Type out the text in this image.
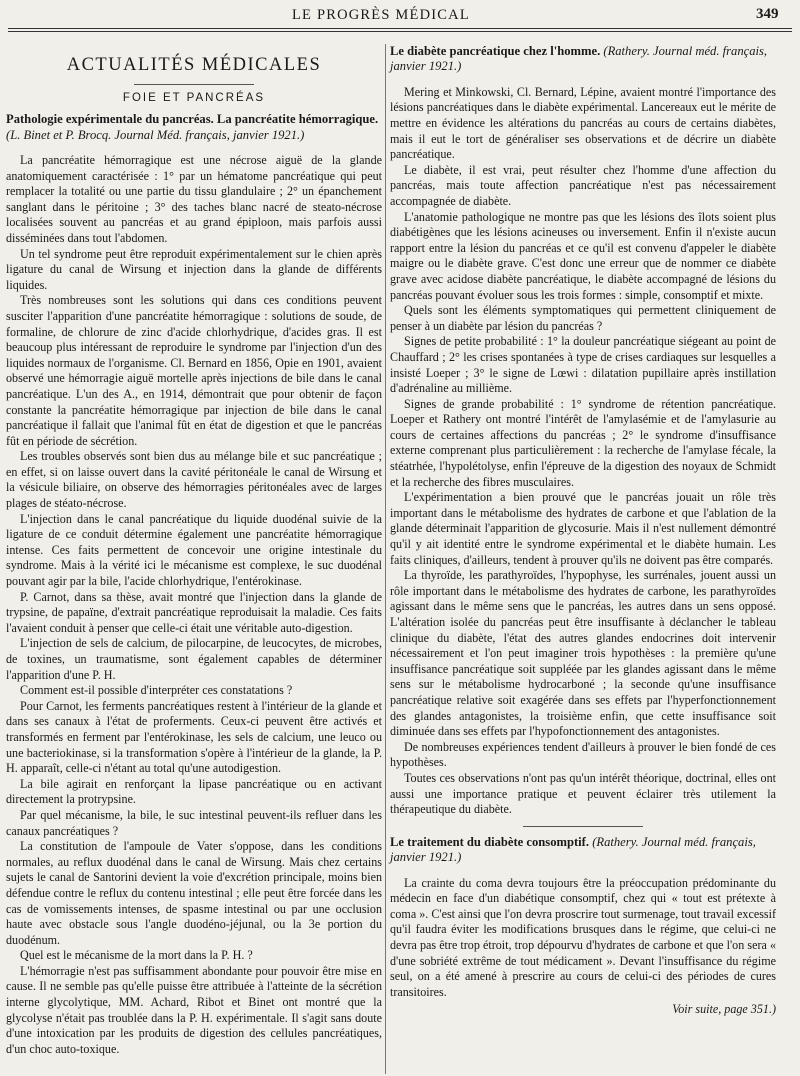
LE PROGRÈS MÉDICAL	349
ACTUALITÉS MÉDICALES
FOIE ET PANCRÉAS
Pathologie expérimentale du pancréas. La pancréatite hémorragique. (L. Binet et P. Brocq. Journal Méd. français, janvier 1921.)

La pancréatite hémorragique est une nécrose aiguë de la glande anatomiquement caractérisée : 1° par un hématome pancréatique qui peut remplacer la totalité ou une partie du tissu glandulaire ; 2° un épanchement sanglant dans le péritoine ; 3° des taches blanc nacré de steato-nécrose localisées souvent au pancréas et au grand épiploon, mais parfois aussi disséminées dans tout l'abdomen.

Un tel syndrome peut être reproduit expérimentalement sur le chien après ligature du canal de Wirsung et injection dans la glande de différents liquides.

Très nombreuses sont les solutions qui dans ces conditions peuvent susciter l'apparition d'une pancréatite hémorragique : solutions de soude, de formaline, de chlorure de zinc d'acide chlorhydrique, d'acides gras. Il est beaucoup plus intéressant de reproduire le syndrome par l'injection d'un des liquides normaux de l'organisme. Cl. Bernard en 1856, Opie en 1901, avaient observé une hémorragie aiguë mortelle après injections de bile dans le canal pancréatique. L'un des A., en 1914, démontrait que pour obtenir de façon constante la pancréatite hémorragique par injection de bile dans le canal pancréatique il fallait que l'animal fût en état de digestion et que le pancréas fût en période de sécrétion.

Les troubles observés sont bien dus au mélange bile et suc pancréatique ; en effet, si on laisse ouvert dans la cavité péritonéale le canal de Wirsung et la vésicule biliaire, on observe des hémorragies péritonéales avec de larges plages de stéato-nécrose.

L'injection dans le canal pancréatique du liquide duodénal suivie de la ligature de ce conduit détermine également une pancréatite hémorragique intense. Ces faits permettent de concevoir une origine intestinale du syndrome. Mais à la vérité ici le mécanisme est complexe, le suc duodénal pouvant agir par la bile, l'acide chlorhydrique, l'entérokinase.

P. Carnot, dans sa thèse, avait montré que l'injection dans la glande de trypsine, de papaïne, d'extrait pancréatique reproduisait la maladie. Ces faits l'avaient conduit à penser que celle-ci était une véritable auto-digestion.

L'injection de sels de calcium, de pilocarpine, de leucocytes, de microbes, de toxines, un traumatisme, sont également capables de déterminer l'apparition d'une P. H.

Comment est-il possible d'interpréter ces constatations ?

Pour Carnot, les ferments pancréatiques restent à l'intérieur de la glande et dans ses canaux à l'état de proferments. Ceux-ci peuvent être activés et transformés en ferment par l'entérokinase, les sels de calcium, une leuco ou une bacteriokinase, si la transformation s'opère à l'intérieur de la glande, la P. H. apparaît, celle-ci n'étant au total qu'une autodigestion.

La bile agirait en renforçant la lipase pancréatique ou en activant directement la protrypsine.

Par quel mécanisme, la bile, le suc intestinal peuvent-ils refluer dans les canaux pancréatiques ?

La constitution de l'ampoule de Vater s'oppose, dans les conditions normales, au reflux duodénal dans le canal de Wirsung. Mais chez certains sujets le canal de Santorini devient la voie d'excrétion principale, moins bien défendue contre le reflux du contenu intestinal ; elle peut être forcée dans les cas de vomissements intenses, de spasme intestinal ou par une occlusion haute avec obstacle sous l'angle duodéno-jéjunal, ou la 3e portion du duodénum.

Quel est le mécanisme de la mort dans la P. H. ?

L'hémorragie n'est pas suffisamment abondante pour pouvoir être mise en cause. Il ne semble pas qu'elle puisse être attribuée à l'atteinte de la sécrétion interne glycolytique, MM. Achard, Ribot et Binet ont montré que la glycolyse n'était pas troublée dans la P. H. expérimentale. Il s'agit sans doute d'une intoxication par les produits de digestion des cellules pancréatiques, d'un choc auto-toxique.

Le diabète pancréatique chez l'homme. (Rathery. Journal méd. français, janvier 1921.)

Mering et Minkowski, Cl. Bernard, Lépine, avaient montré l'importance des lésions pancréatiques dans le diabète expérimental. Lancereaux eut le mérite de mettre en évidence les altérations du pancréas au cours de certains diabètes, mais il eut le tort de généraliser ses observations et de décrire un diabète pancréatique.

Le diabète, il est vrai, peut résulter chez l'homme d'une affection du pancréas, mais toute affection pancréatique n'est pas nécessairement accompagnée de diabète.

L'anatomie pathologique ne montre pas que les lésions des îlots soient plus diabétigènes que les lésions acineuses ou inversement. Enfin il n'existe aucun rapport entre la lésion du pancréas et ce qu'il est convenu d'appeler le diabète maigre ou le diabète grave. C'est donc une erreur que de nommer ce diabète grave avec acidose diabète pancréatique, le diabète accompagné de lésions du pancréas pouvant évoluer sous les trois formes : simple, consomptif et mixte.

Quels sont les éléments symptomatiques qui permettent cliniquement de penser à un diabète par lésion du pancréas ?

Signes de petite probabilité : 1° la douleur pancréatique siégeant au point de Chauffard ; 2° les crises spontanées à type de crises cardiaques sur lesquelles a insisté Loeper ; 3° le signe de Lœwi : dilatation pupillaire après instillation d'adrénaline au millième.

Signes de grande probabilité : 1° syndrome de rétention pancréatique. Loeper et Rathery ont montré l'intérêt de l'amylasémie et de l'amylasurie au cours de certaines affections du pancréas ; 2° le syndrome d'insuffisance externe comprenant plus particulièrement : la recherche de l'amylase fécale, la stéatrhée, l'hypolétolyse, enfin l'épreuve de la digestion des noyaux de Schmidt et la recherche des fibres musculaires.

L'expérimentation a bien prouvé que le pancréas jouait un rôle très important dans le métabolisme des hydrates de carbone et que l'ablation de la glande déterminait l'apparition de glycosurie. Mais il n'est nullement démontré qu'il y ait identité entre le syndrome expérimental et le diabète humain. Les faits cliniques, d'ailleurs, tendent à prouver qu'ils ne doivent pas être comparés.

La thyroïde, les parathyroïdes, l'hypophyse, les surrénales, jouent aussi un rôle important dans le métabolisme des hydrates de carbone, les parathyroïdes agissant dans le même sens que le pancréas, les autres dans un sens opposé. L'altération isolée du pancréas peut être insuffisante à déclancher le tableau clinique du diabète, l'état des autres glandes endocrines doit intervenir nécessairement et l'on peut imaginer trois hypothèses : la première qu'une insuffisance pancréatique soit suppléée par les glandes agissant dans le même sens sur le métabolisme hydrocarboné ; la seconde qu'une insuffisance pancréatique relative soit exagérée dans ses effets par l'hyperfonctionnement des glandes antagonistes, la troisième enfin, que cette insuffisance soit diminuée dans ses effets par l'hypofonctionnement des antagonistes.

De nombreuses expériences tendent d'ailleurs à prouver le bien fondé de ces hypothèses.

Toutes ces observations n'ont pas qu'un intérêt théorique, doctrinal, elles ont aussi une importance pratique et peuvent éclairer très utilement la thérapeutique du diabète.

Le traitement du diabète consomptif. (Rathery. Journal méd. français, janvier 1921.)

La crainte du coma devra toujours être la préoccupation prédominante du médecin en face d'un diabétique consomptif, chez qui « tout est prétexte à coma ». C'est ainsi que l'on devra proscrire tout surmenage, tout travail excessif qu'il faudra éviter les modifications brusques dans le régime, que celui-ci ne devra pas être trop étroit, trop dépourvu d'hydrates de carbone et que l'on sera « d'une sobriété extrême de tout médicament ». Devant l'insuffisance du régime seul, on a été amené à prescrire au cours de celui-ci des périodes de cures transitoires.

Voir suite, page 351.)
